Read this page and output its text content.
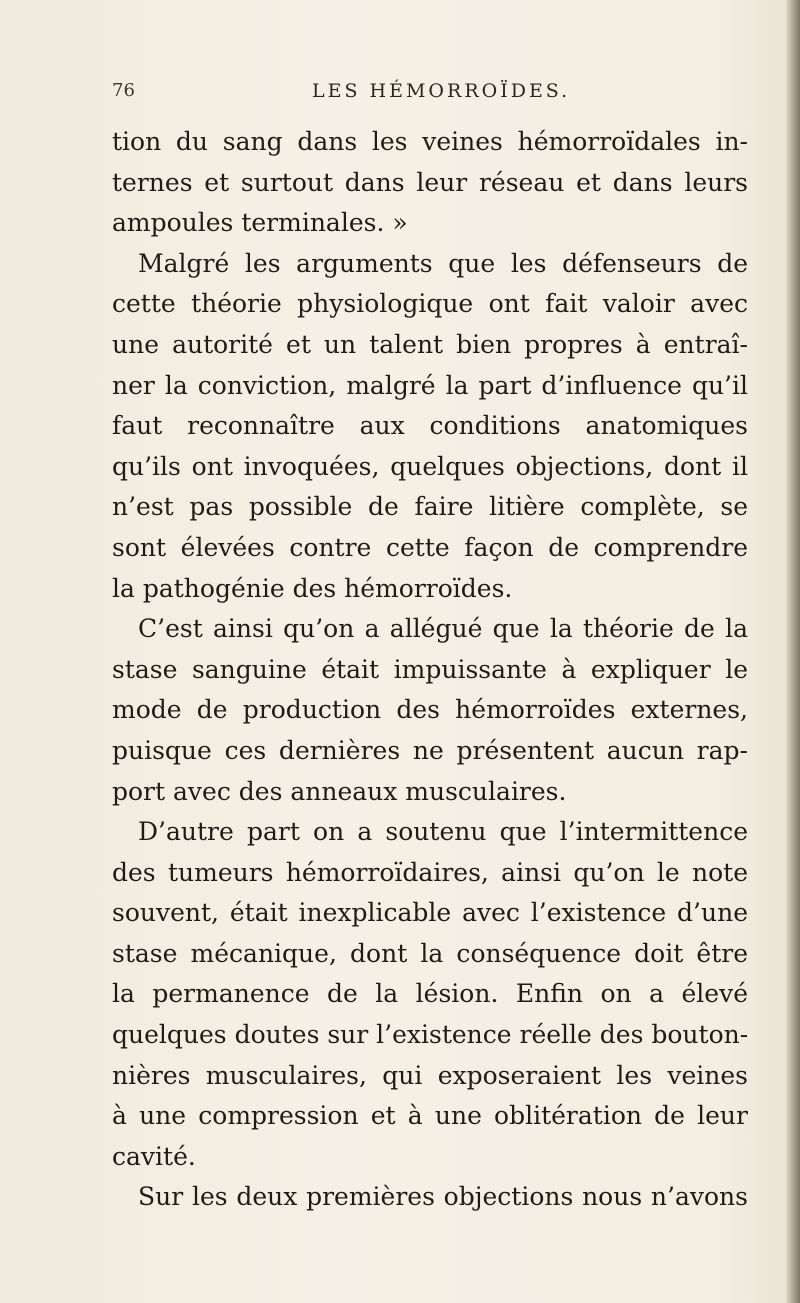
76	LES HÉMORROÏDES.
tion du sang dans les veines hémorroïdales in-
ternes et surtout dans leur réseau et dans leurs
ampoules terminales. »
Malgré les arguments que les défenseurs de
cette théorie physiologique ont fait valoir avec
une autorité et un talent bien propres à entraî-
ner la conviction, malgré la part d’influence qu’il
faut reconnaître aux conditions anatomiques
qu’ils ont invoquées, quelques objections, dont il
n’est pas possible de faire litière complète, se
sont élevées contre cette façon de comprendre
la pathogénie des hémorroïdes.
C’est ainsi qu’on a allégué que la théorie de la
stase sanguine était impuissante à expliquer le
mode de production des hémorroïdes externes,
puisque ces dernières ne présentent aucun rap-
port avec des anneaux musculaires.
D’autre part on a soutenu que l’intermittence
des tumeurs hémorroïdaires, ainsi qu’on le note
souvent, était inexplicable avec l’existence d’une
stase mécanique, dont la conséquence doit être
la permanence de la lésion. Enfin on a élevé
quelques doutes sur l’existence réelle des bouton-
nières musculaires, qui exposeraient les veines
à une compression et à une oblitération de leur
cavité.
Sur les deux premières objections nous n’avons
